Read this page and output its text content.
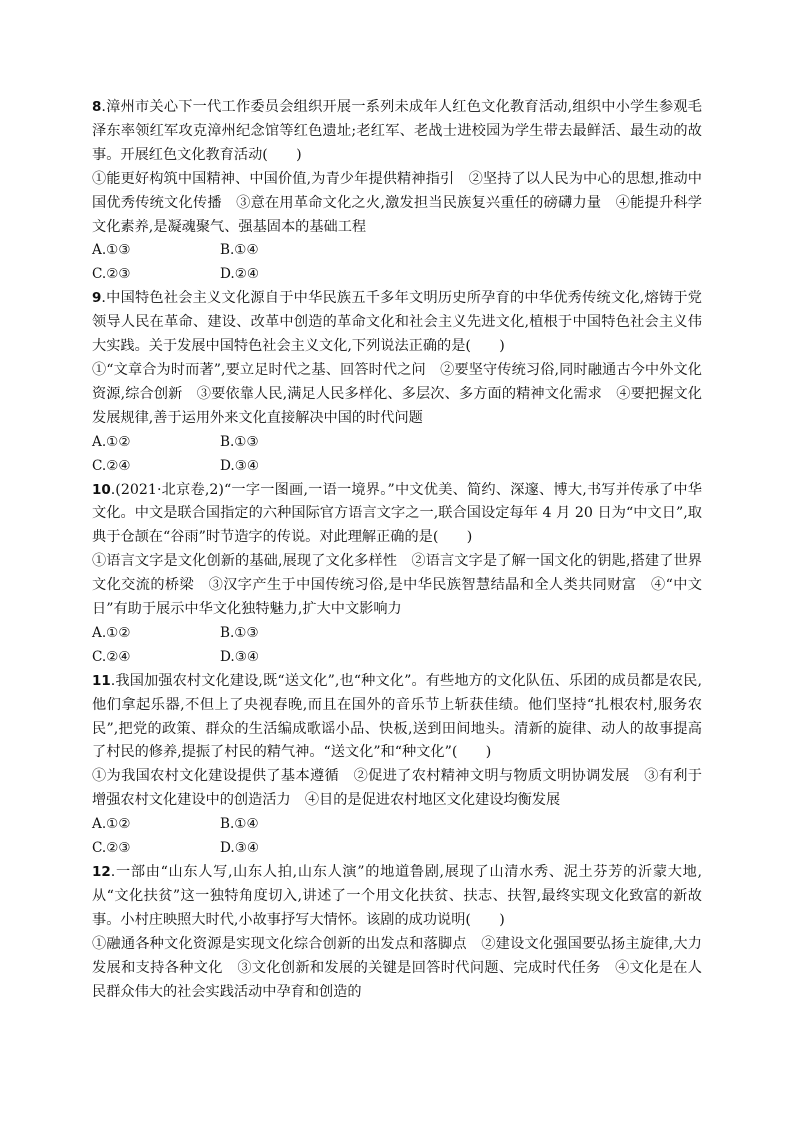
8.漳州市关心下一代工作委员会组织开展一系列未成年人红色文化教育活动,组织中小学生参观毛泽东率领红军攻克漳州纪念馆等红色遗址;老红军、老战士进校园为学生带去最鲜活、最生动的故事。开展红色文化教育活动(　　)

①能更好构筑中国精神、中国价值,为青少年提供精神指引　②坚持了以人民为中心的思想,推动中国优秀传统文化传播　③意在用革命文化之火,激发担当民族复兴重任的磅礴力量　④能提升科学文化素养,是凝魂聚气、强基固本的基础工程

A.①③	B.①④
C.②③	D.②④

9.中国特色社会主义文化源自于中华民族五千多年文明历史所孕育的中华优秀传统文化,熔铸于党领导人民在革命、建设、改革中创造的革命文化和社会主义先进文化,植根于中国特色社会主义伟大实践。关于发展中国特色社会主义文化,下列说法正确的是(　　)

①“文章合为时而著”,要立足时代之基、回答时代之问　②要坚守传统习俗,同时融通古今中外文化资源,综合创新　③要依靠人民,满足人民多样化、多层次、多方面的精神文化需求　④要把握文化发展规律,善于运用外来文化直接解决中国的时代问题

A.①②	B.①③
C.②④	D.③④

10.(2021·北京卷,2)“一字一图画,一语一境界。”中文优美、简约、深邃、博大,书写并传承了中华文化。中文是联合国指定的六种国际官方语言文字之一,联合国设定每年 4 月 20 日为“中文日”,取典于仓颉在“谷雨”时节造字的传说。对此理解正确的是(　　)

①语言文字是文化创新的基础,展现了文化多样性　②语言文字是了解一国文化的钥匙,搭建了世界文化交流的桥梁　③汉字产生于中国传统习俗,是中华民族智慧结晶和全人类共同财富　④“中文日”有助于展示中华文化独特魅力,扩大中文影响力

A.①②	B.①③
C.②④	D.③④

11.我国加强农村文化建设,既“送文化”,也“种文化”。有些地方的文化队伍、乐团的成员都是农民,他们拿起乐器,不但上了央视春晚,而且在国外的音乐节上斩获佳绩。他们坚持“扎根农村,服务农民”,把党的政策、群众的生活编成歌谣小品、快板,送到田间地头。清新的旋律、动人的故事提高了村民的修养,提振了村民的精气神。“送文化”和“种文化”(　　)

①为我国农村文化建设提供了基本遵循　②促进了农村精神文明与物质文明协调发展　③有利于增强农村文化建设中的创造活力　④目的是促进农村地区文化建设均衡发展

A.①②	B.①④
C.②③	D.③④

12.一部由“山东人写,山东人拍,山东人演”的地道鲁剧,展现了山清水秀、泥土芬芳的沂蒙大地,从“文化扶贫”这一独特角度切入,讲述了一个用文化扶贫、扶志、扶智,最终实现文化致富的新故事。小村庄映照大时代,小故事抒写大情怀。该剧的成功说明(　　)

①融通各种文化资源是实现文化综合创新的出发点和落脚点　②建设文化强国要弘扬主旋律,大力发展和支持各种文化　③文化创新和发展的关键是回答时代问题、完成时代任务　④文化是在人民群众伟大的社会实践活动中孕育和创造的
